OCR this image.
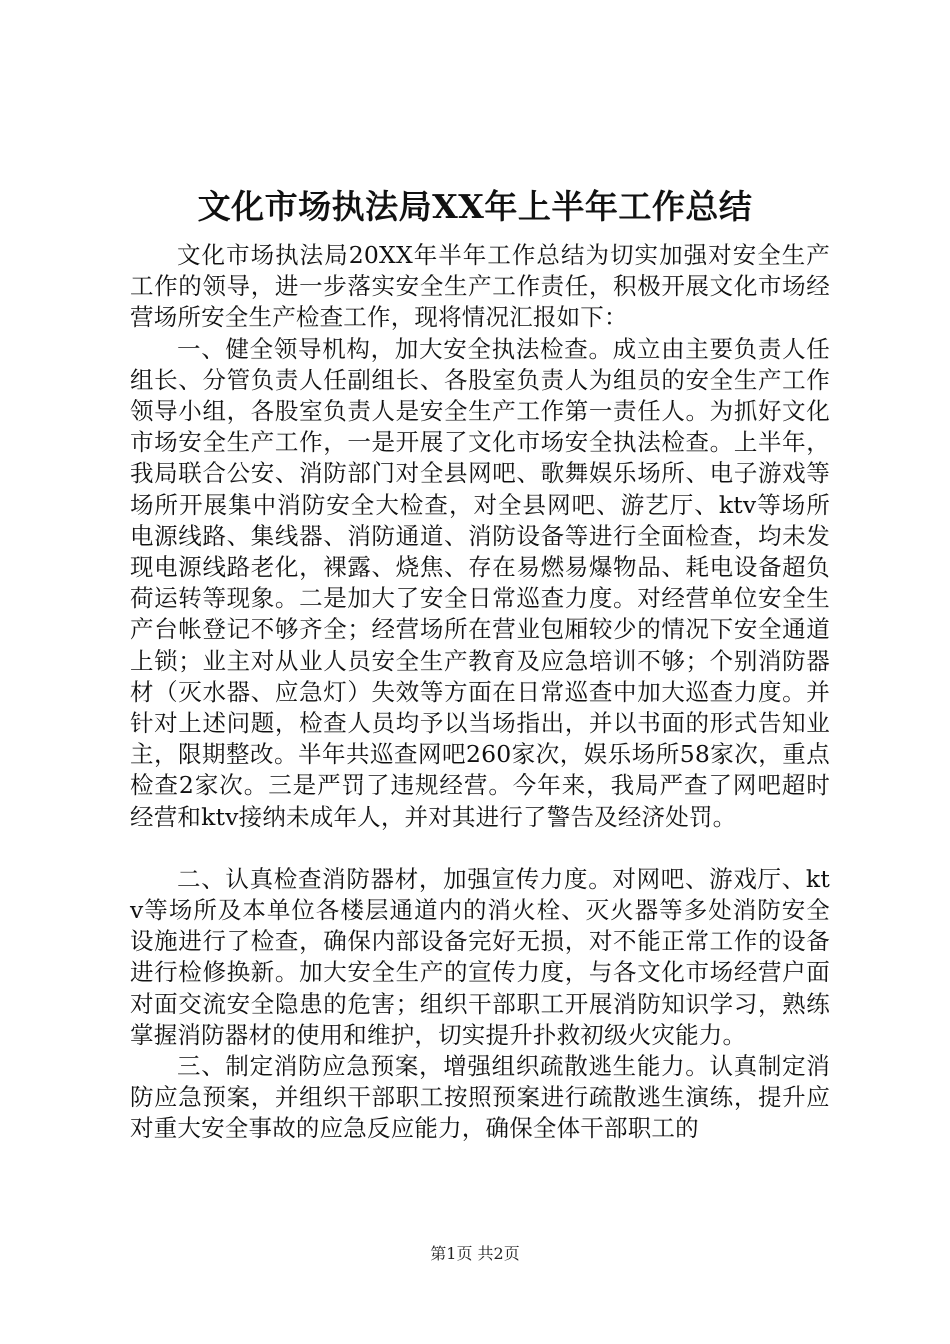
文化市场执法局XX年上半年工作总结

文化市场执法局20XX年半年工作总结为切实加强对安全生产工作的领导，进一步落实安全生产工作责任，积极开展文化市场经营场所安全生产检查工作，现将情况汇报如下：

一、健全领导机构，加大安全执法检查。成立由主要负责人任组长、分管负责人任副组长、各股室负责人为组员的安全生产工作领导小组，各股室负责人是安全生产工作第一责任人。为抓好文化市场安全生产工作，一是开展了文化市场安全执法检查。上半年，我局联合公安、消防部门对全县网吧、歌舞娱乐场所、电子游戏等场所开展集中消防安全大检查，对全县网吧、游艺厅、ktv等场所电源线路、集线器、消防通道、消防设备等进行全面检查，均未发现电源线路老化，裸露、烧焦、存在易燃易爆物品、耗电设备超负荷运转等现象。二是加大了安全日常巡查力度。对经营单位安全生产台帐登记不够齐全；经营场所在营业包厢较少的情况下安全通道上锁；业主对从业人员安全生产教育及应急培训不够；个别消防器材（灭水器、应急灯）失效等方面在日常巡查中加大巡查力度。并针对上述问题，检查人员均予以当场指出，并以书面的形式告知业主，限期整改。半年共巡查网吧260家次，娱乐场所58家次，重点检查2家次。三是严罚了违规经营。今年来，我局严查了网吧超时经营和ktv接纳未成年人，并对其进行了警告及经济处罚。

二、认真检查消防器材，加强宣传力度。对网吧、游戏厅、ktv等场所及本单位各楼层通道内的消火栓、灭火器等多处消防安全设施进行了检查，确保内部设备完好无损，对不能正常工作的设备进行检修换新。加大安全生产的宣传力度，与各文化市场经营户面对面交流安全隐患的危害；组织干部职工开展消防知识学习，熟练掌握消防器材的使用和维护，切实提升扑救初级火灾能力。

三、制定消防应急预案，增强组织疏散逃生能力。认真制定消防应急预案，并组织干部职工按照预案进行疏散逃生演练，提升应对重大安全事故的应急反应能力，确保全体干部职工的

第1页 共2页
